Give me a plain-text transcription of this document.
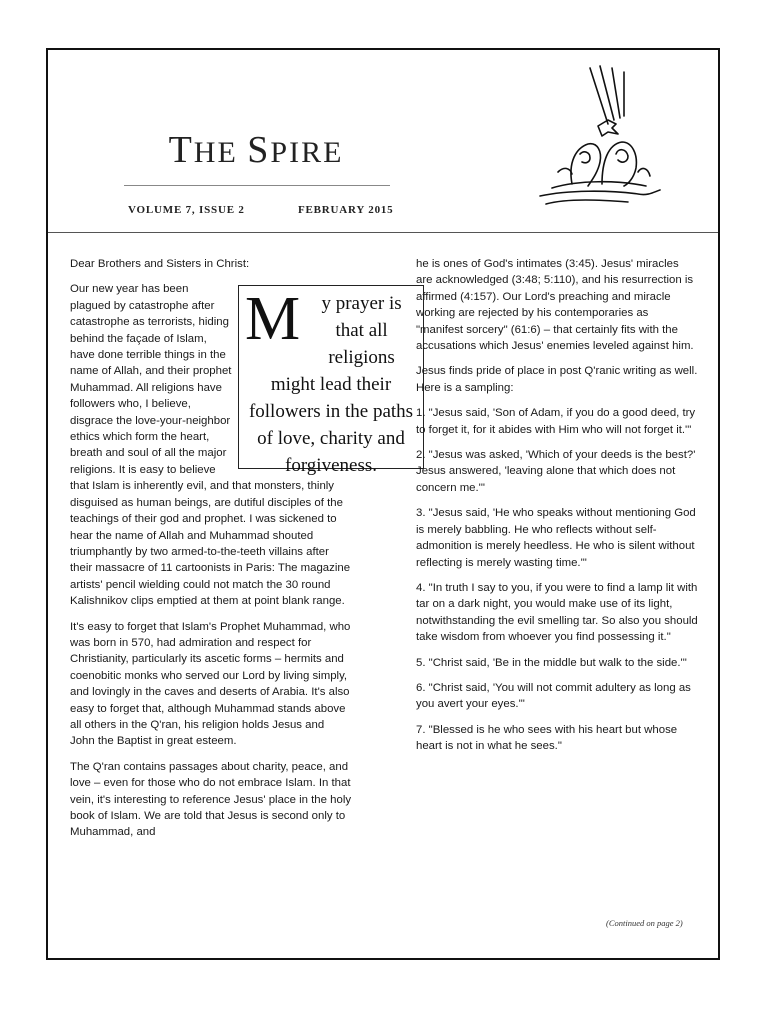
THE SPIRE
VOLUME 7, ISSUE 2	FEBRUARY 2015

Dear Brothers and Sisters in Christ:

M y prayer is that all religions might lead their followers in the paths of love, charity and forgiveness.

Our new year has been plagued by catastrophe after catastrophe as terrorists, hiding behind the façade of Islam, have done terrible things in the name of Allah, and their prophet Muhammad. All religions have followers who, I believe, disgrace the love-your-neighbor ethics which form the heart, breath and soul of all the major religions. It is easy to believe that Islam is inherently evil, and that monsters, thinly disguised as human beings, are dutiful disciples of the teachings of their god and prophet. I was sickened to hear the name of Allah and Muhammad shouted triumphantly by two armed-to-the-teeth villains after their massacre of 11 cartoonists in Paris: The magazine artists' pencil wielding could not match the 30 round Kalishnikov clips emptied at them at point blank range.

It's easy to forget that Islam's Prophet Muhammad, who was born in 570, had admiration and respect for Christianity, particularly its ascetic forms – hermits and coenobitic monks who served our Lord by living simply, and lovingly in the caves and deserts of Arabia. It's also easy to forget that, although Muhammad stands above all others in the Q'ran, his religion holds Jesus and John the Baptist in great esteem.

The Q'ran contains passages about charity, peace, and love – even for those who do not embrace Islam. In that vein, it's interesting to reference Jesus' place in the holy book of Islam. We are told that Jesus is second only to Muhammad, and

he is ones of God's intimates (3:45). Jesus' miracles are acknowledged (3:48; 5:110), and his resurrection is affirmed (4:157). Our Lord's preaching and miracle working are rejected by his contemporaries as "manifest sorcery" (61:6) – that certainly fits with the accusations which Jesus' enemies leveled against him.

Jesus finds pride of place in post Q'ranic writing as well. Here is a sampling:

1. "Jesus said, 'Son of Adam, if you do a good deed, try to forget it, for it abides with Him who will not forget it.'"

2. "Jesus was asked, 'Which of your deeds is the best?' Jesus answered, 'leaving alone that which does not concern me.'"

3. "Jesus said, 'He who speaks without mentioning God is merely babbling. He who reflects without self-admonition is merely heedless. He who is silent without reflecting is merely wasting time.'"

4. "In truth I say to you, if you were to find a lamp lit with tar on a dark night, you would make use of its light, notwithstanding the evil smelling tar. So also you should take wisdom from whoever you find possessing it."

5. "Christ said, 'Be in the middle but walk to the side.'"

6. "Christ said, 'You will not commit adultery as long as you avert your eyes.'"

7. "Blessed is he who sees with his heart but whose heart is not in what he sees."

(Continued on page 2)
